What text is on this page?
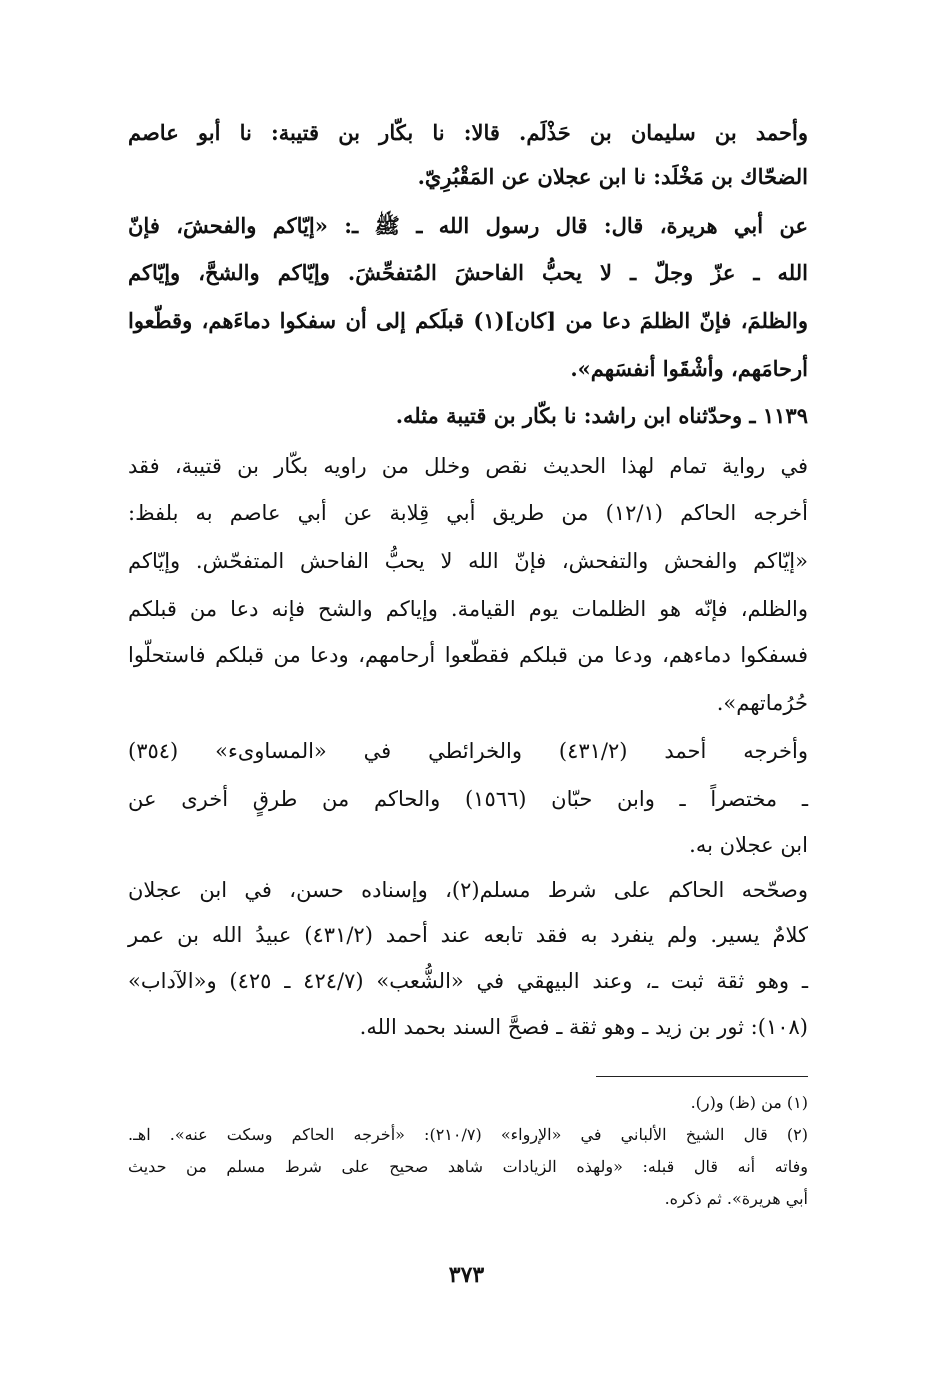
وأحمد بن سليمان بن حَذْلَم. قالا: نا بكّار بن قتيبة: نا أبو عاصم
الضحّاك بن مَخْلَد: نا ابن عجلان عن المَقْبُرِيّ.
عن أبي هريرة، قال: قال رسول الله ـ ﷺ ـ: «إيّاكم والفحشَ، فإنّ
الله ـ عزّ وجلّ ـ لا يحبُّ الفاحشَ المُتفحِّشَ. وإيّاكم والشحَّ، وإيّاكم
والظلمَ، فإنّ الظلمَ دعا من [كان](١) قبلَكم إلى أن سفكوا دماءَهم، وقطّعوا
أرحامَهم، وأشْقَوا أنفسَهم».
١١٣٩ ـ وحدّثناه ابن راشد: نا بكّار بن قتيبة مثله.
في رواية تمام لهذا الحديث نقص وخلل من راويه بكّار بن قتيبة، فقد
أخرجه الحاكم (١٢/١) من طريق أبي قِلابة عن أبي عاصم به بلفظ:
«إيّاكم والفحش والتفحش، فإنّ الله لا يحبُّ الفاحش المتفحّش. وإيّاكم
والظلم، فإنّه هو الظلمات يوم القيامة. وإياكم والشح فإنه دعا من قبلكم
فسفكوا دماءهم، ودعا من قبلكم فقطّعوا أرحامهم، ودعا من قبلكم فاستحلّوا
حُرُماتهم».
وأخرجه أحمد (٤٣١/٢) والخرائطي في «المساوىء» (٣٥٤)
ـ مختصراً ـ وابن حبّان (١٥٦٦) والحاكم من طرقٍ أخرى عن
ابن عجلان به.
وصحّحه الحاكم على شرط مسلم(٢)، وإسناده حسن، في ابن عجلان
كلامٌ يسير. ولم ينفرد به فقد تابعه عند أحمد (٤٣١/٢) عبيدُ الله بن عمر
ـ وهو ثقة ثبت ـ، وعند البيهقي في «الشُّعب» (٤٢٤/٧ ـ ٤٢٥) و«الآداب»
(١٠٨): ثور بن زيد ـ وهو ثقة ـ فصحَّ السند بحمد الله.
(١) من (ظ) و(ر).
(٢) قال الشيخ الألباني في «الإرواء» (٢١٠/٧): «أخرجه الحاكم وسكت عنه». اهـ.
وفاته أنه قال قبله: «ولهذه الزيادات شاهد صحيح على شرط مسلم من حديث
أبي هريرة». ثم ذكره.
٣٧٣
